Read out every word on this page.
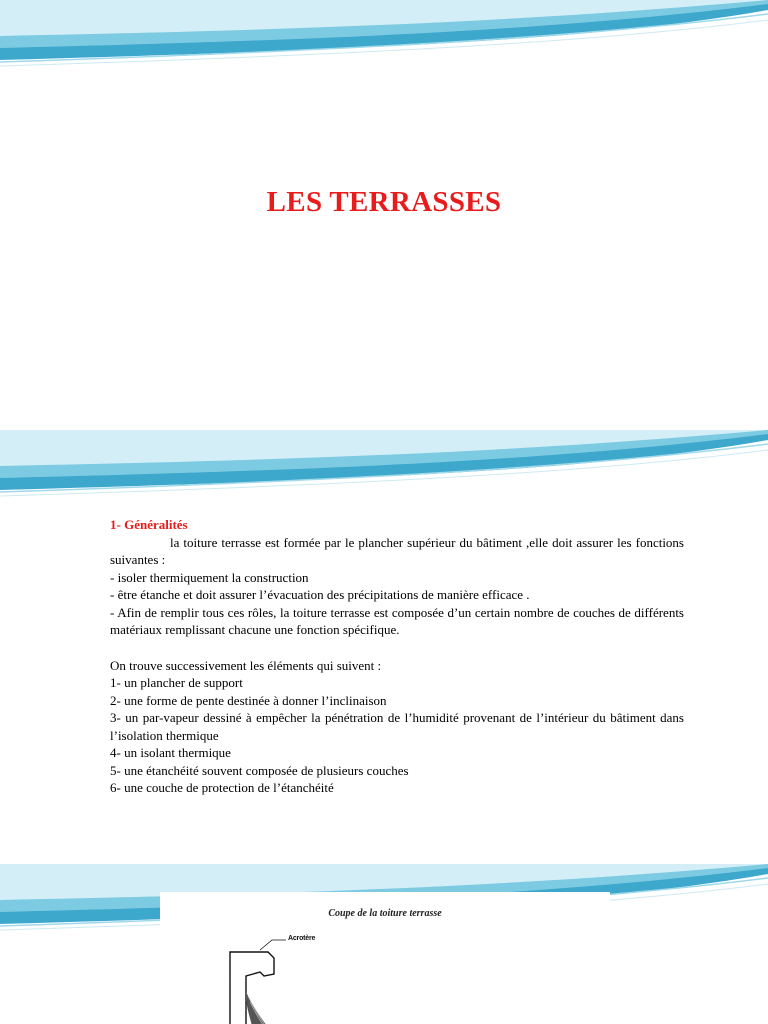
LES TERRASSES

1- Généralités

la toiture terrasse est formée par le plancher supérieur du bâtiment ,elle doit assurer les fonctions suivantes :

- isoler thermiquement la construction

- être étanche et doit assurer l’évacuation des précipitations de manière efficace .

- Afin de remplir tous ces rôles, la toiture terrasse est composée d’un certain nombre de couches de différents matériaux remplissant chacune une fonction spécifique.

On trouve successivement les éléments qui suivent :

1- un plancher de support

2- une forme de pente destinée à donner l’inclinaison

3- un par-vapeur dessiné à empêcher la pénétration de l’humidité provenant de l’intérieur du bâtiment dans l’isolation thermique

4- un isolant thermique

5- une étanchéité souvent composée de plusieurs couches

6- une couche de protection de l’étanchéité

Coupe de la toiture terrasse
Acrotère
